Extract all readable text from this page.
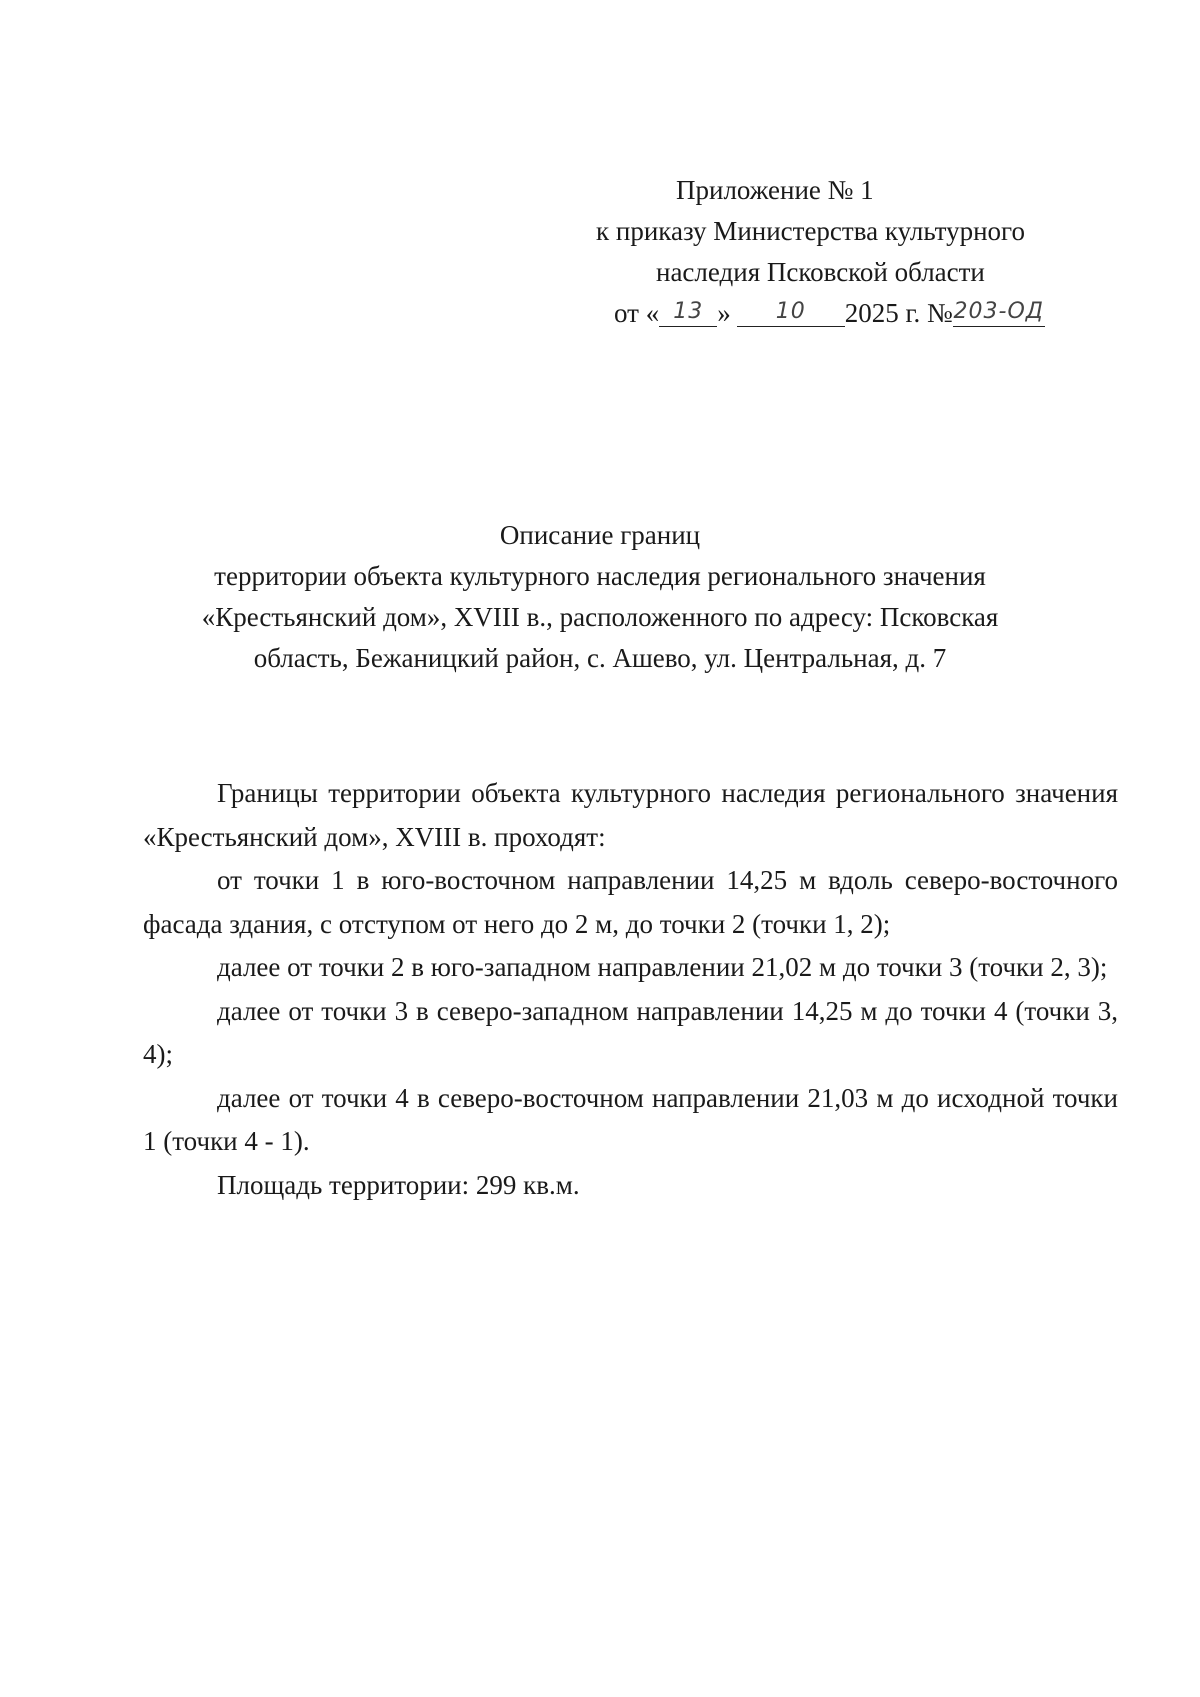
Приложение № 1
к приказу Министерства культурного
наследия Псковской области
от « 13 » 10 2025 г. №203-ОД
Описание границ
территории объекта культурного наследия регионального значения
«Крестьянский дом», XVIII в., расположенного по адресу: Псковская
область, Бежаницкий район, с. Ашево, ул. Центральная, д. 7

Границы территории объекта культурного наследия регионального значения «Крестьянский дом», XVIII в. проходят:

от точки 1 в юго-восточном направлении 14,25 м вдоль северо-восточного фасада здания, с отступом от него до 2 м, до точки 2 (точки 1, 2);

далее от точки 2 в юго-западном направлении 21,02 м до точки 3 (точки 2, 3);

далее от точки 3 в северо-западном направлении 14,25 м до точки 4 (точки 3, 4);

далее от точки 4 в северо-восточном направлении 21,03 м до исходной точки 1 (точки 4 - 1).

Площадь территории: 299 кв.м.
